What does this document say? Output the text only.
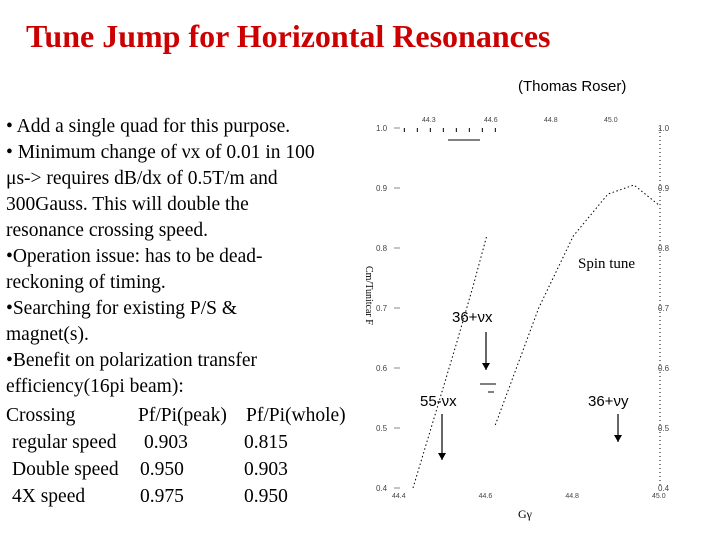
Tune Jump for Horizontal Resonances
(Thomas Roser)
• Add a single quad for this purpose.
• Minimum change of νx of 0.01 in 100
μs-> requires dB/dx of 0.5T/m and
300Gauss. This will double the
resonance crossing speed.
•Operation issue: has to be dead-
reckoning of timing.
•Searching for existing P/S &
magnet(s).
•Benefit on polarization transfer
efficiency(16pi beam):
Crossing	Pf/Pi(peak) Pf/Pi(whole)
regular speed 0.903	0.815
Double speed 0.950	0.903
4X speed	0.975	0.950
1.0
0.9
0.8
0.7
0.6
0.5
0.4
1.0
0.9
0.8
0.7
0.6
0.5
0.4
44.3	44.6	44.8	45.0
44.4	44.6	44.8	45.0
Cm/Tunitcar F
Gγ
Spin tune
36+νx
55-νx	36+νy
